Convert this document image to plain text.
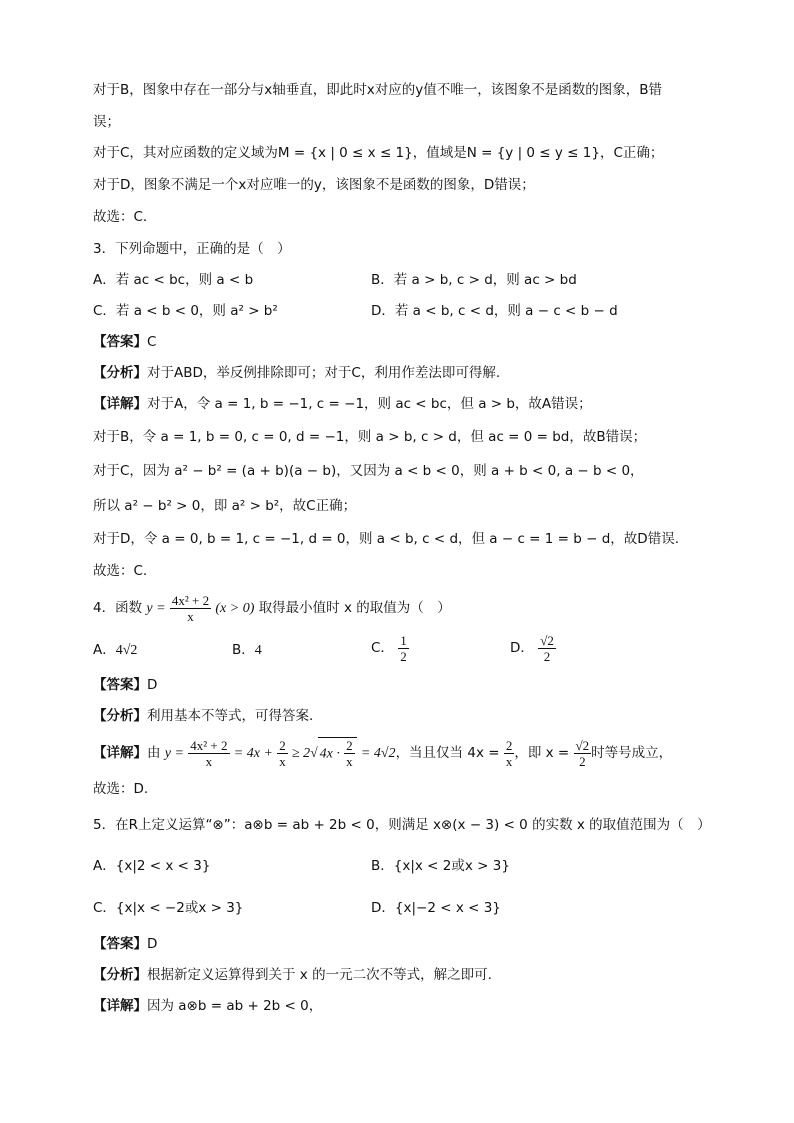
对于B，图象中存在一部分与x轴垂直，即此时x对应的y值不唯一，该图象不是函数的图象，B错
误；
对于C，其对应函数的定义域为M = {x | 0 ≤ x ≤ 1}，值域是N = {y | 0 ≤ y ≤ 1}，C正确；
对于D，图象不满足一个x对应唯一的y，该图象不是函数的图象，D错误；
故选：C．
3．下列命题中，正确的是（　）
A．若 ac < bc，则 a < b	B．若 a > b, c > d，则 ac > bd
C．若 a < b < 0，则 a² > b²	D．若 a < b, c < d，则 a − c < b − d
【答案】C
【分析】对于ABD，举反例排除即可；对于C，利用作差法即可得解.
【详解】对于A，令 a = 1, b = −1, c = −1，则 ac < bc，但 a > b，故A错误；
对于B，令 a = 1, b = 0, c = 0, d = −1，则 a > b, c > d，但 ac = 0 = bd，故B错误；
对于C，因为 a² − b² = (a + b)(a − b)，又因为 a < b < 0，则 a + b < 0, a − b < 0，
所以 a² − b² > 0，即 a² > b²，故C正确；
对于D，令 a = 0, b = 1, c = −1, d = 0，则 a < b, c < d，但 a − c = 1 = b − d，故D错误.
故选：C.
4．函数 $y = \frac{\text{4x² + 2}}{x} (x > 0)$ 取得最小值时 x 的取值为（　）
A．4√2	B．4	C． $\frac{1}{2}$	D． $\frac{√2}{2}$
【答案】D
【分析】利用基本不等式，可得答案.
【详解】由 $y = \frac{\text{4x² + 2}}{x} = 4x + \frac{2}{x} \ge 2√$ $4x \cdot \frac{2}{x} = 4√2$，当且仅当 $4x = \frac{2}{x}$ ，即 $x = \frac{√2}{2}$ 时等号成立，
故选：D.
5．在R上定义运算“⊗”：a⊗b = ab + 2b < 0，则满足 x⊗(x − 3) < 0 的实数 x 的取值范围为（　）
A．{x|2 < x < 3}	B．{x|x < 2或x > 3}
C．{x|x < −2或x > 3}	D．{x|−2 < x < 3}
【答案】D
【分析】根据新定义运算得到关于 x 的一元二次不等式，解之即可.
【详解】因为 a⊗b = ab + 2b < 0，
